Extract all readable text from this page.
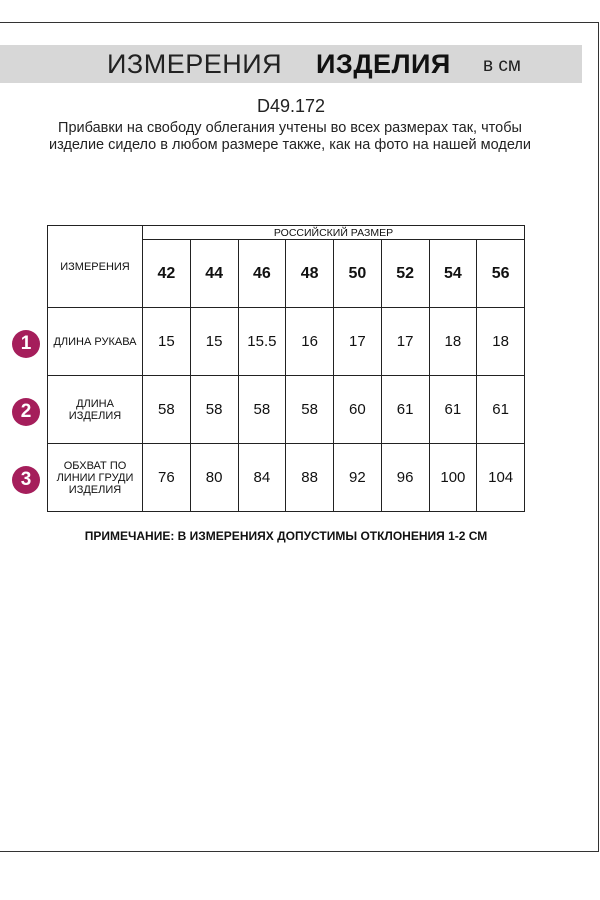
ИЗМЕРЕНИЯ ИЗДЕЛИЯ в см
D49.172
Прибавки на свободу облегания учтены во всех размерах так, чтобы изделие сидело в любом размере также, как на фото на нашей модели
ИЗМЕРЕНИЯ	РОССИЙСКИЙ РАЗМЕР							
	42	44	46	48	50	52	54	56
ДЛИНА РУКАВА	15	15	15.5	16	17	17	18	18
ДЛИНА ИЗДЕЛИЯ	58	58	58	58	60	61	61	61
ОБХВАТ ПО ЛИНИИ ГРУДИ ИЗДЕЛИЯ	76	80	84	88	92	96	100	104
1
2
3
ПРИМЕЧАНИЕ: В ИЗМЕРЕНИЯХ ДОПУСТИМЫ ОТКЛОНЕНИЯ 1-2 СМ
